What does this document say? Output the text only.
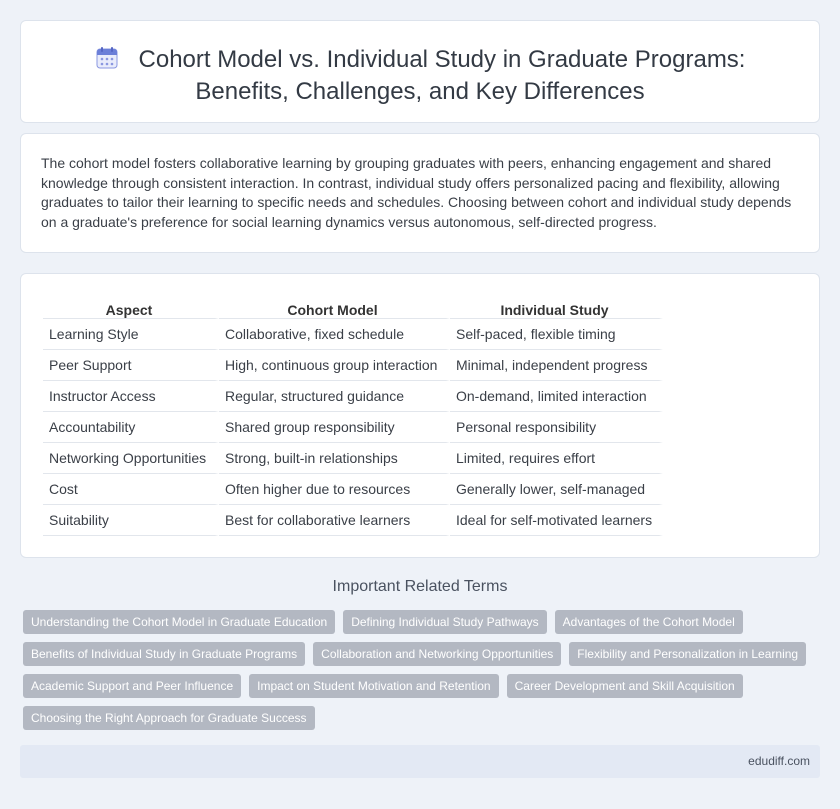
Cohort Model vs. Individual Study in Graduate Programs: Benefits, Challenges, and Key Differences

The cohort model fosters collaborative learning by grouping graduates with peers, enhancing engagement and shared knowledge through consistent interaction. In contrast, individual study offers personalized pacing and flexibility, allowing graduates to tailor their learning to specific needs and schedules. Choosing between cohort and individual study depends on a graduate's preference for social learning dynamics versus autonomous, self-directed progress.

Aspect	Cohort Model	Individual Study
Learning Style	Collaborative, fixed schedule	Self-paced, flexible timing
Peer Support	High, continuous group interaction	Minimal, independent progress
Instructor Access	Regular, structured guidance	On-demand, limited interaction
Accountability	Shared group responsibility	Personal responsibility
Networking Opportunities	Strong, built-in relationships	Limited, requires effort
Cost	Often higher due to resources	Generally lower, self-managed
Suitability	Best for collaborative learners	Ideal for self-motivated learners
Important Related Terms
Understanding the Cohort Model in Graduate Education	Defining Individual Study Pathways	Advantages of the Cohort Model
Benefits of Individual Study in Graduate Programs	Collaboration and Networking Opportunities	Flexibility and Personalization in Learning
Academic Support and Peer Influence	Impact on Student Motivation and Retention	Career Development and Skill Acquisition
Choosing the Right Approach for Graduate Success
edudiff.com
